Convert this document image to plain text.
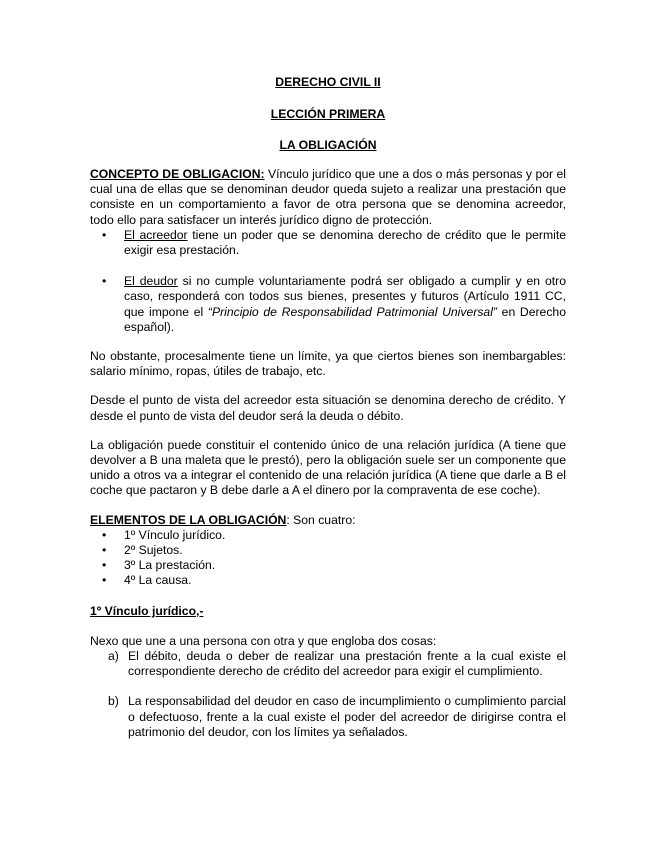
DERECHO CIVIL II
LECCIÓN PRIMERA
LA OBLIGACIÓN

CONCEPTO DE OBLIGACION: Vínculo jurídico que une a dos o más personas y por el cual una de ellas que se denominan deudor queda sujeto a realizar una prestación que consiste en un comportamiento a favor de otra persona que se denomina acreedor, todo ello para satisfacer un interés jurídico digno de protección.

• El acreedor tiene un poder que se denomina derecho de crédito que le permite exigir esa prestación.
• El deudor si no cumple voluntariamente podrá ser obligado a cumplir y en otro caso, responderá con todos sus bienes, presentes y futuros (Artículo 1911 CC, que impone el “Principio de Responsabilidad Patrimonial Universal” en Derecho español).

No obstante, procesalmente tiene un límite, ya que ciertos bienes son inembargables: salario mínimo, ropas, útiles de trabajo, etc.

Desde el punto de vista del acreedor esta situación se denomina derecho de crédito. Y desde el punto de vista del deudor será la deuda o débito.

La obligación puede constituir el contenido único de una relación jurídica (A tiene que devolver a B una maleta que le prestó), pero la obligación suele ser un componente que unido a otros va a integrar el contenido de una relación jurídica (A tiene que darle a B el coche que pactaron y B debe darle a A el dinero por la compraventa de ese coche).

ELEMENTOS DE LA OBLIGACIÓN: Son cuatro:

• 1º Vínculo jurídico.
• 2º Sujetos.
• 3º La prestación.
• 4º La causa.

1º Vínculo jurídico,-

Nexo que une a una persona con otra y que engloba dos cosas:

a) El débito, deuda o deber de realizar una prestación frente a la cual existe el correspondiente derecho de crédito del acreedor para exigir el cumplimiento.
b) La responsabilidad del deudor en caso de incumplimiento o cumplimiento parcial o defectuoso, frente a la cual existe el poder del acreedor de dirigirse contra el patrimonio del deudor, con los límites ya señalados.
